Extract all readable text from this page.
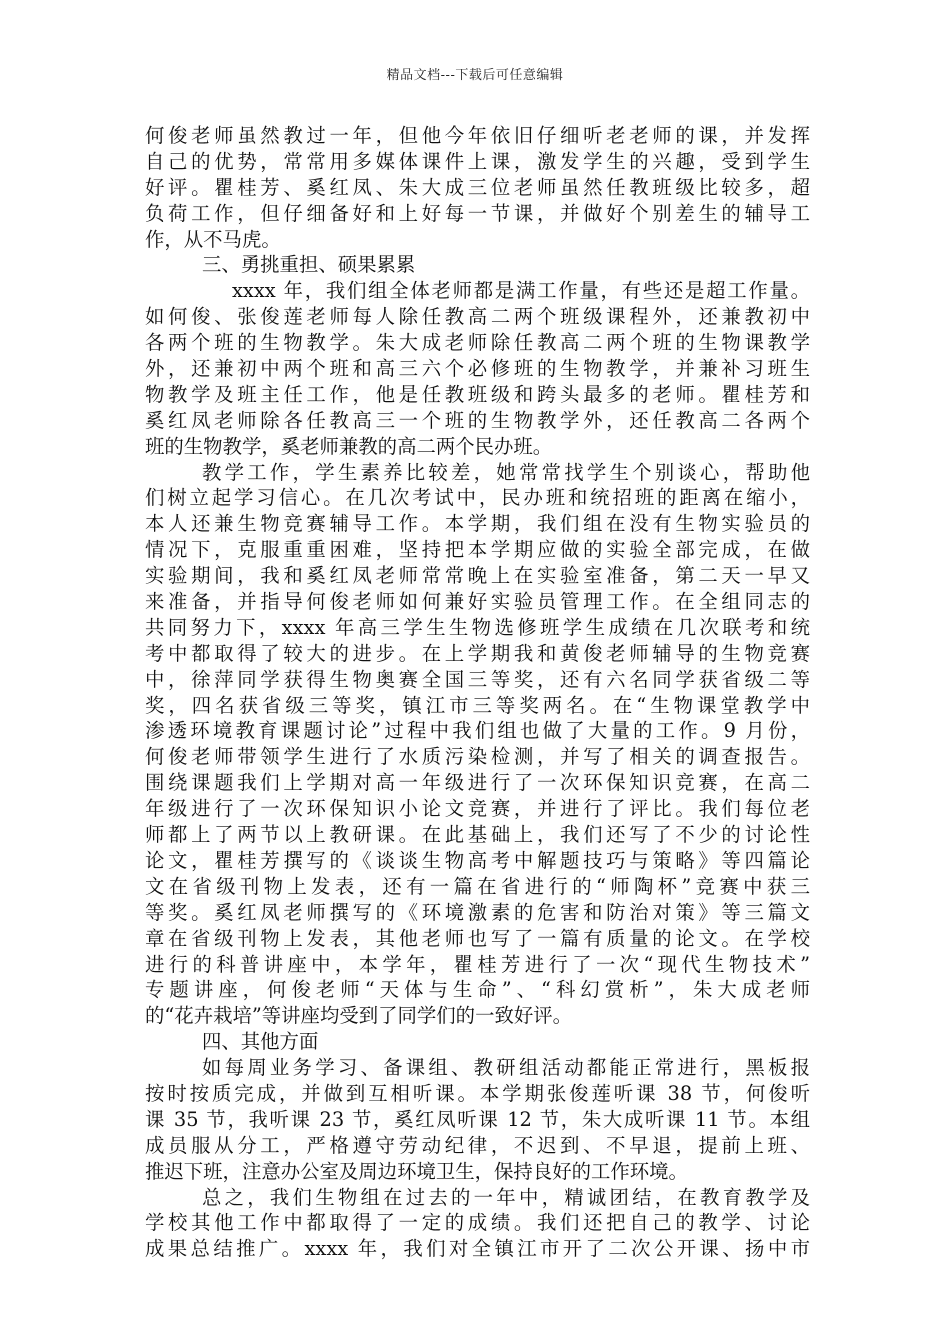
精品文档---下载后可任意编辑
何俊老师虽然教过一年，但他今年依旧仔细听老老师的课，并发挥
自己的优势，常常用多媒体课件上课，激发学生的兴趣，受到学生
好评。瞿桂芳、奚红凤、朱大成三位老师虽然任教班级比较多，超
负荷工作，但仔细备好和上好每一节课，并做好个别差生的辅导工
作，从不马虎。
三、勇挑重担、硕果累累
xxxx 年，我们组全体老师都是满工作量，有些还是超工作量。
如何俊、张俊莲老师每人除任教高二两个班级课程外，还兼教初中
各两个班的生物教学。朱大成老师除任教高二两个班的生物课教学
外，还兼初中两个班和高三六个必修班的生物教学，并兼补习班生
物教学及班主任工作，他是任教班级和跨头最多的老师。瞿桂芳和
奚红凤老师除各任教高三一个班的生物教学外，还任教高二各两个
班的生物教学，奚老师兼教的高二两个民办班。
教学工作，学生素养比较差，她常常找学生个别谈心，帮助他
们树立起学习信心。在几次考试中，民办班和统招班的距离在缩小，
本人还兼生物竞赛辅导工作。本学期，我们组在没有生物实验员的
情况下，克服重重困难，坚持把本学期应做的实验全部完成，在做
实验期间，我和奚红凤老师常常晚上在实验室准备，第二天一早又
来准备，并指导何俊老师如何兼好实验员管理工作。在全组同志的
共同努力下，xxxx 年高三学生生物选修班学生成绩在几次联考和统
考中都取得了较大的进步。在上学期我和黄俊老师辅导的生物竞赛
中，徐萍同学获得生物奥赛全国三等奖，还有六名同学获省级二等
奖，四名获省级三等奖，镇江市三等奖两名。在“生物课堂教学中
渗透环境教育课题讨论”过程中我们组也做了大量的工作。9 月份，
何俊老师带领学生进行了水质污染检测，并写了相关的调查报告。
围绕课题我们上学期对高一年级进行了一次环保知识竞赛，在高二
年级进行了一次环保知识小论文竞赛，并进行了评比。我们每位老
师都上了两节以上教研课。在此基础上，我们还写了不少的讨论性
论文，瞿桂芳撰写的《谈谈生物高考中解题技巧与策略》等四篇论
文在省级刊物上发表，还有一篇在省进行的“师陶杯”竞赛中获三
等奖。奚红凤老师撰写的《环境激素的危害和防治对策》等三篇文
章在省级刊物上发表，其他老师也写了一篇有质量的论文。在学校
进行的科普讲座中，本学年，瞿桂芳进行了一次“现代生物技术”
专题讲座，何俊老师“天体与生命”、“科幻赏析”，朱大成老师
的“花卉栽培”等讲座均受到了同学们的一致好评。
四、其他方面
如每周业务学习、备课组、教研组活动都能正常进行，黑板报
按时按质完成，并做到互相听课。本学期张俊莲听课 38 节，何俊听
课 35 节，我听课 23 节，奚红凤听课 12 节，朱大成听课 11 节。本组
成员服从分工，严格遵守劳动纪律，不迟到、不早退，提前上班、
推迟下班，注意办公室及周边环境卫生，保持良好的工作环境。
总之，我们生物组在过去的一年中，精诚团结，在教育教学及
学校其他工作中都取得了一定的成绩。我们还把自己的教学、讨论
成果总结推广。xxxx 年，我们对全镇江市开了二次公开课、扬中市
